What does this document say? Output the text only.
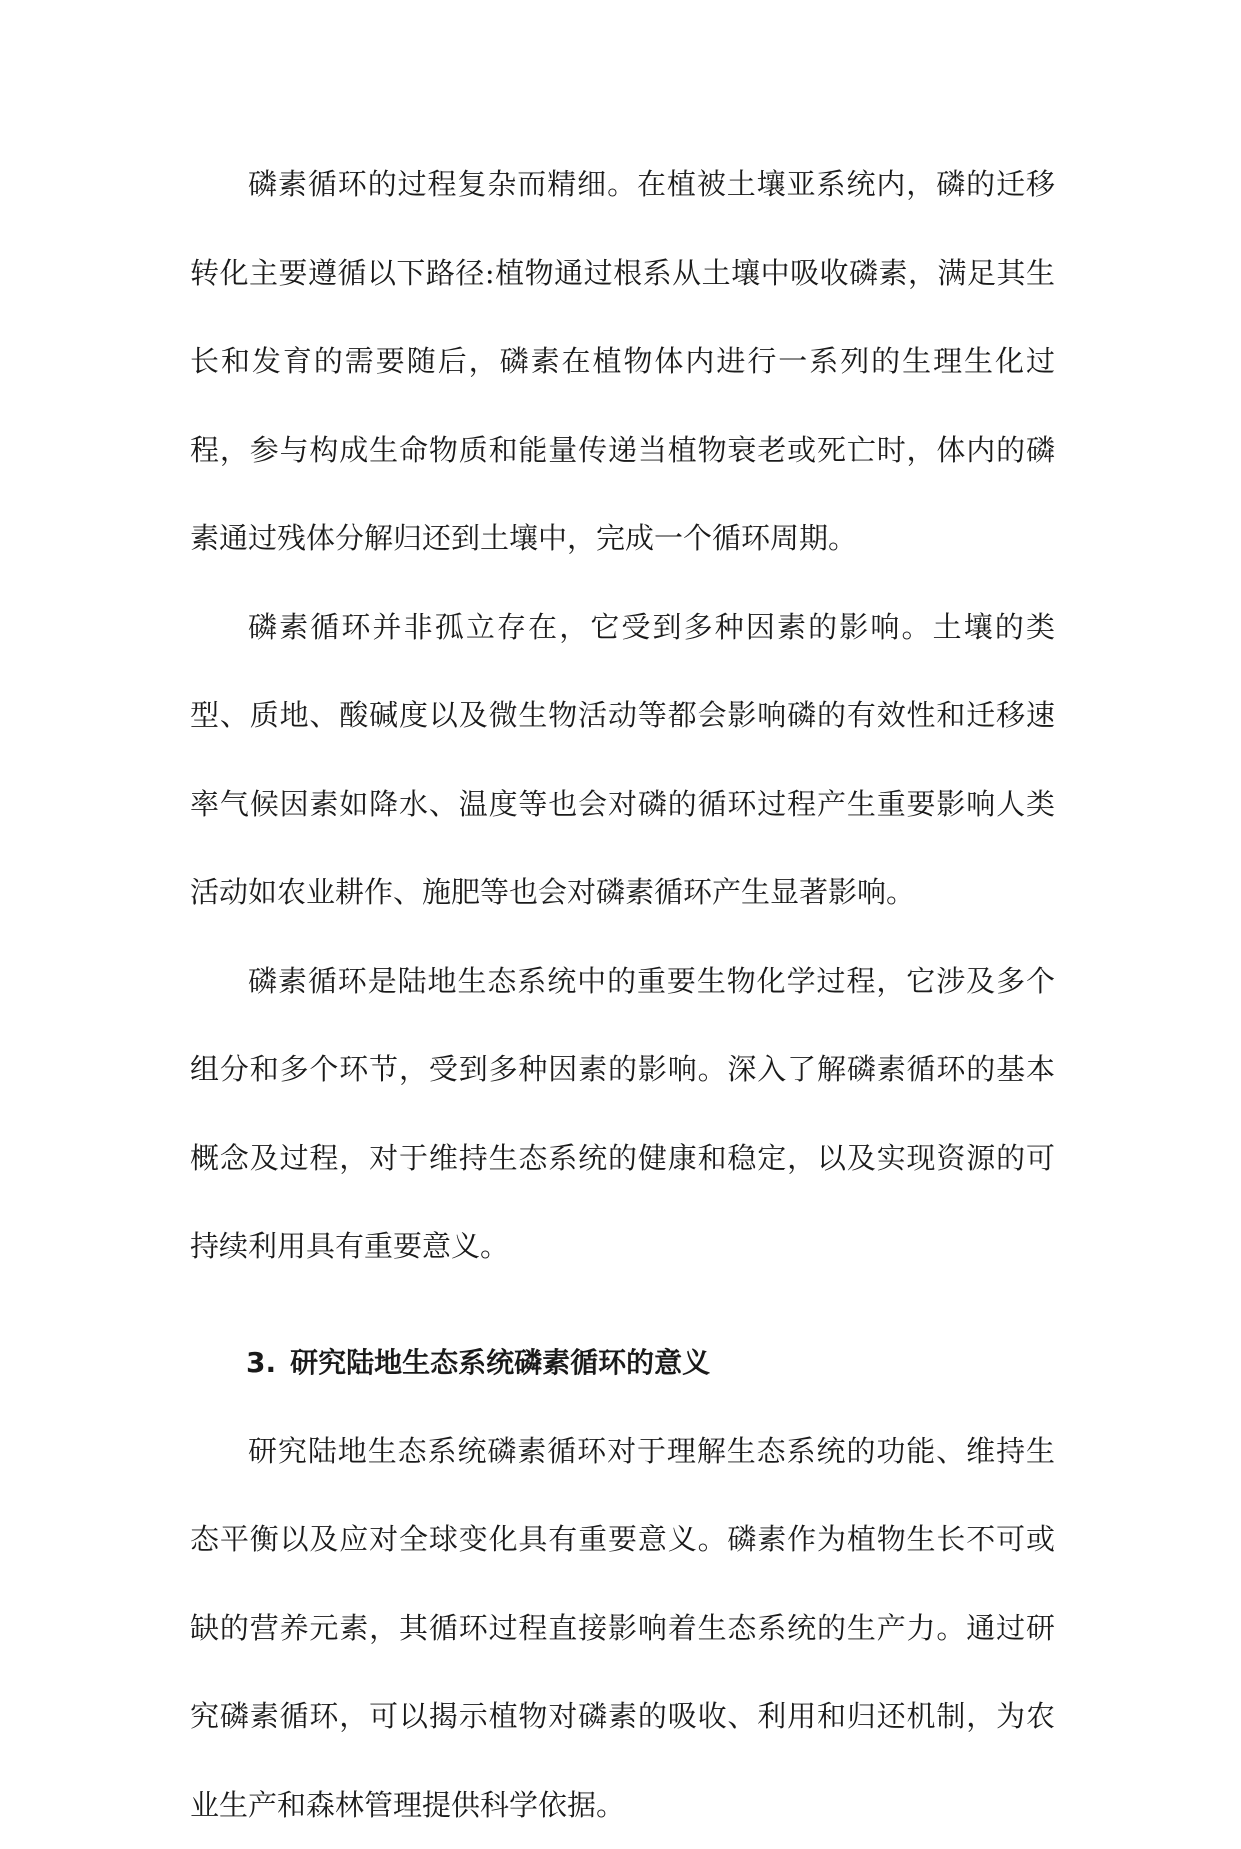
磷素循环的过程复杂而精细。在植被土壤亚系统内，磷的迁移转化主要遵循以下路径:植物通过根系从土壤中吸收磷素，满足其生长和发育的需要随后，磷素在植物体内进行一系列的生理生化过程，参与构成生命物质和能量传递当植物衰老或死亡时，体内的磷素通过残体分解归还到土壤中，完成一个循环周期。

磷素循环并非孤立存在，它受到多种因素的影响。土壤的类型、质地、酸碱度以及微生物活动等都会影响磷的有效性和迁移速率气候因素如降水、温度等也会对磷的循环过程产生重要影响人类活动如农业耕作、施肥等也会对磷素循环产生显著影响。

磷素循环是陆地生态系统中的重要生物化学过程，它涉及多个组分和多个环节，受到多种因素的影响。深入了解磷素循环的基本概念及过程，对于维持生态系统的健康和稳定，以及实现资源的可持续利用具有重要意义。

3. 研究陆地生态系统磷素循环的意义

研究陆地生态系统磷素循环对于理解生态系统的功能、维持生态平衡以及应对全球变化具有重要意义。磷素作为植物生长不可或缺的营养元素，其循环过程直接影响着生态系统的生产力。通过研究磷素循环，可以揭示植物对磷素的吸收、利用和归还机制，为农业生产和森林管理提供科学依据。
